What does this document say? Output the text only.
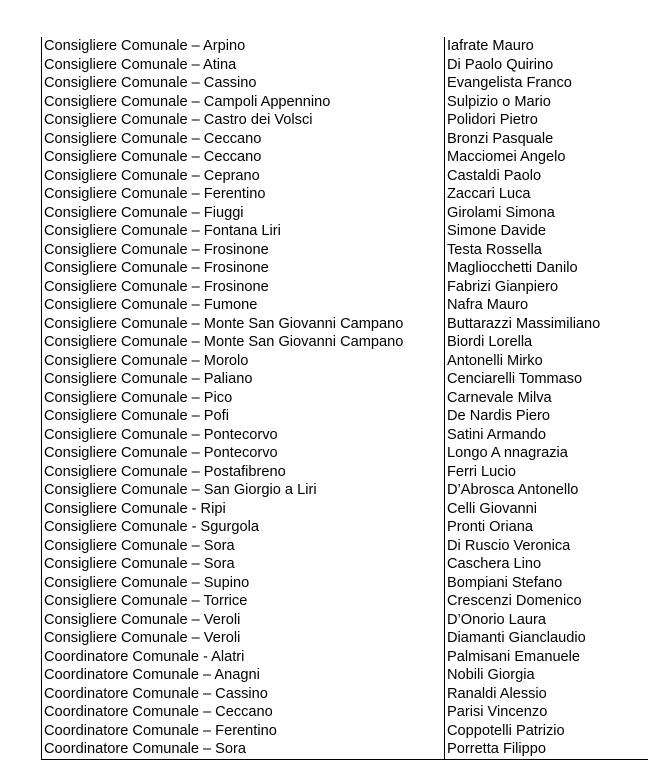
Consigliere Comunale – Arpino	Iafrate Mauro
Consigliere Comunale – Atina	Di Paolo Quirino
Consigliere Comunale – Cassino	Evangelista Franco
Consigliere Comunale – Campoli Appennino	Sulpizio o Mario
Consigliere Comunale – Castro dei Volsci	Polidori Pietro
Consigliere Comunale – Ceccano	Bronzi Pasquale
Consigliere Comunale – Ceccano	Macciomei Angelo
Consigliere Comunale – Ceprano	Castaldi Paolo
Consigliere Comunale – Ferentino	Zaccari Luca
Consigliere Comunale – Fiuggi	Girolami Simona
Consigliere Comunale – Fontana Liri	Simone Davide
Consigliere Comunale – Frosinone	Testa Rossella
Consigliere Comunale – Frosinone	Magliocchetti Danilo
Consigliere Comunale – Frosinone	Fabrizi Gianpiero
Consigliere Comunale – Fumone	Nafra Mauro
Consigliere Comunale – Monte San Giovanni Campano	Buttarazzi Massimiliano
Consigliere Comunale – Monte San Giovanni Campano	Biordi Lorella
Consigliere Comunale – Morolo	Antonelli Mirko
Consigliere Comunale – Paliano	Cenciarelli Tommaso
Consigliere Comunale – Pico	Carnevale Milva
Consigliere Comunale – Pofi	De Nardis Piero
Consigliere Comunale – Pontecorvo	Satini Armando
Consigliere Comunale – Pontecorvo	Longo A nnagrazia
Consigliere Comunale – Postafibreno	Ferri Lucio
Consigliere Comunale – San Giorgio a Liri	D’Abrosca Antonello
Consigliere Comunale - Ripi	Celli Giovanni
Consigliere Comunale - Sgurgola	Pronti Oriana
Consigliere Comunale – Sora	Di Ruscio Veronica
Consigliere Comunale – Sora	Caschera Lino
Consigliere Comunale – Supino	Bompiani Stefano
Consigliere Comunale – Torrice	Crescenzi Domenico
Consigliere Comunale – Veroli	D’Onorio Laura
Consigliere Comunale – Veroli	Diamanti Gianclaudio
Coordinatore Comunale - Alatri	Palmisani Emanuele
Coordinatore Comunale – Anagni	Nobili Giorgia
Coordinatore Comunale – Cassino	Ranaldi Alessio
Coordinatore Comunale – Ceccano	Parisi Vincenzo
Coordinatore Comunale – Ferentino	Coppotelli Patrizio
Coordinatore Comunale – Sora	Porretta Filippo
